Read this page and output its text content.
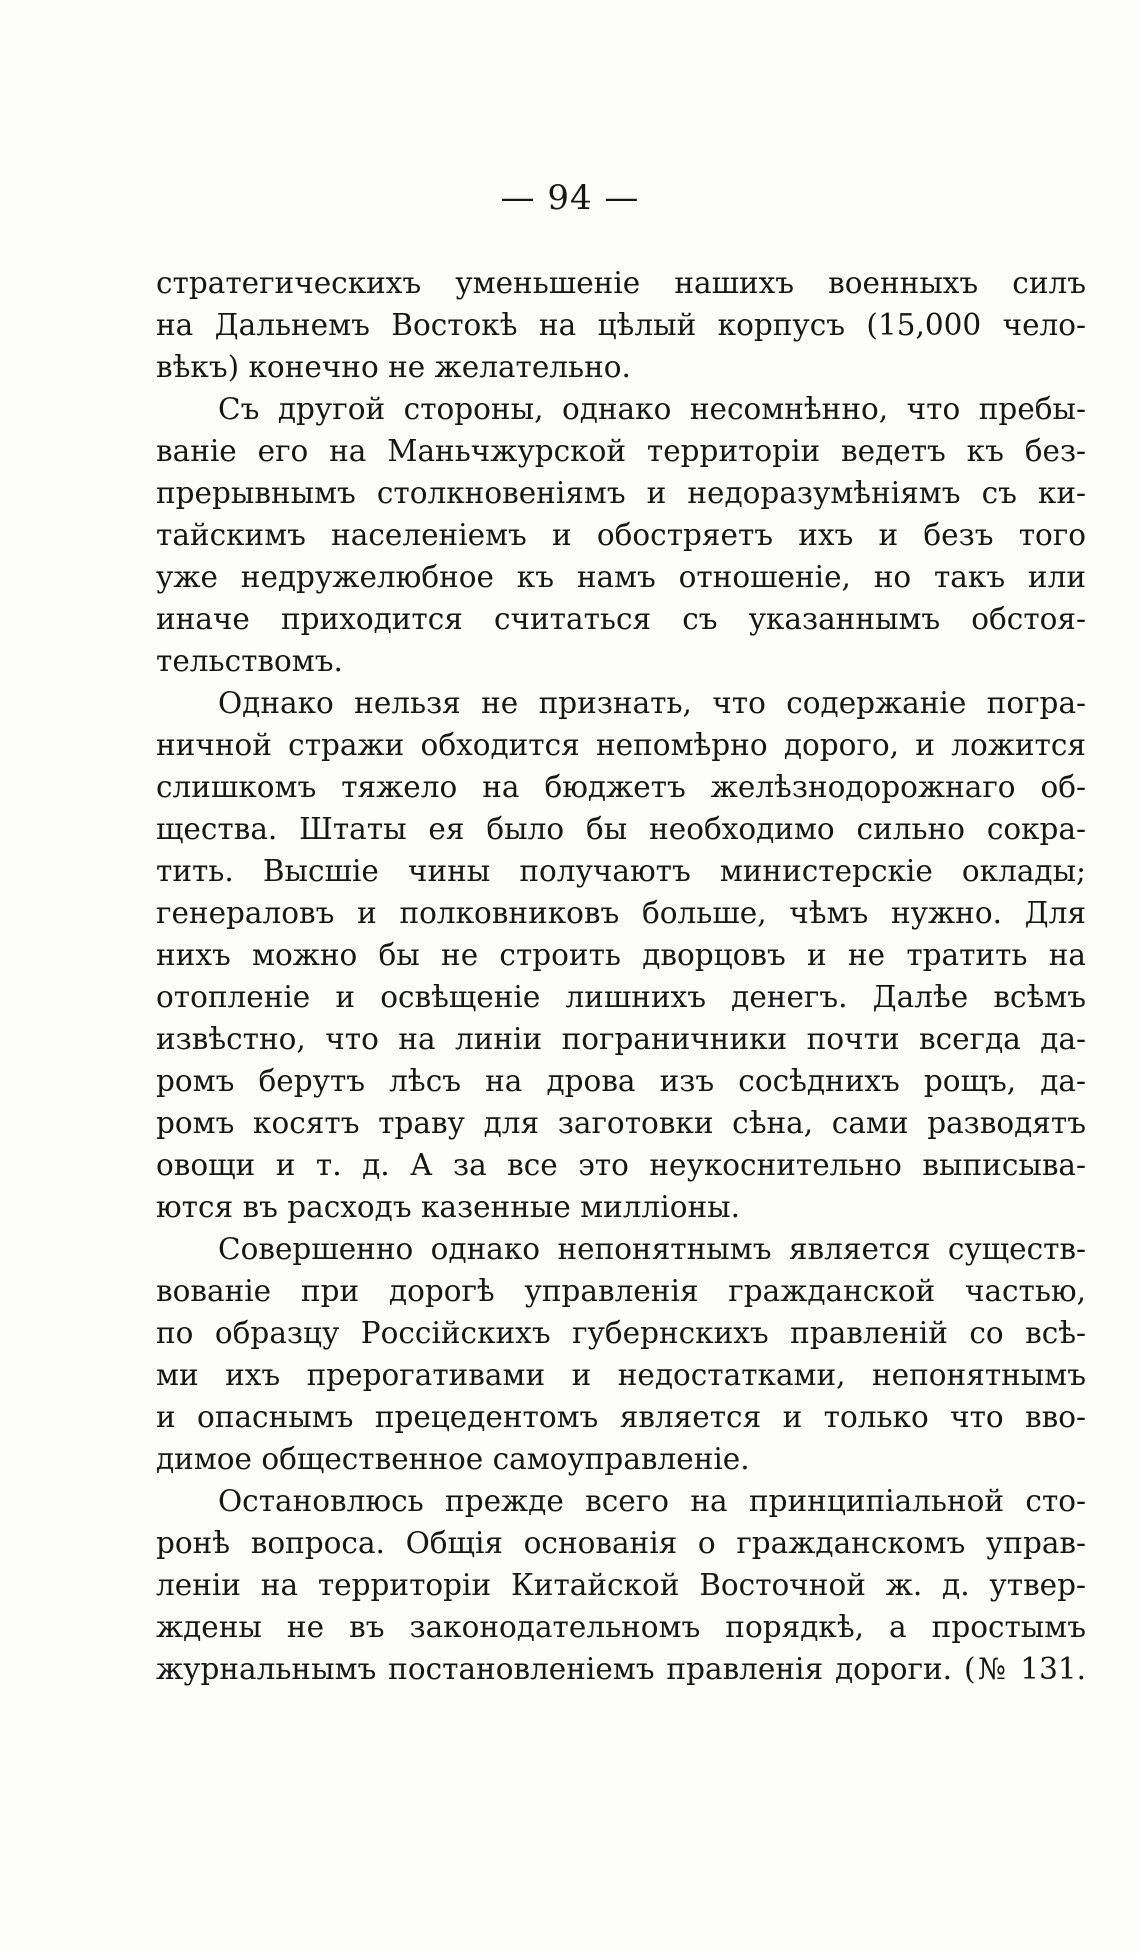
— 94 —
стратегическихъ уменьшеніе нашихъ военныхъ силъ
на Дальнемъ Востокѣ на цѣлый корпусъ (15,000 чело-
вѣкъ) конечно не желательно.
Съ другой стороны, однако несомнѣнно, что пребы-
ваніе его на Маньчжурской территоріи ведетъ къ без-
прерывнымъ столкновеніямъ и недоразумѣніямъ съ ки-
тайскимъ населеніемъ и обостряетъ ихъ и безъ того
уже недружелюбное къ намъ отношеніе, но такъ или
иначе приходится считаться съ указаннымъ обстоя-
тельствомъ.
Однако нельзя не признать, что содержаніе погра-
ничной стражи обходится непомѣрно дорого, и ложится
слишкомъ тяжело на бюджетъ желѣзнодорожнаго об-
щества. Штаты ея было бы необходимо сильно сокра-
тить. Высшіе чины получаютъ министерскіе оклады;
генераловъ и полковниковъ больше, чѣмъ нужно. Для
нихъ можно бы не строить дворцовъ и не тратить на
отопленіе и освѣщеніе лишнихъ денегъ. Далѣе всѣмъ
извѣстно, что на линіи пограничники почти всегда да-
ромъ берутъ лѣсъ на дрова изъ сосѣднихъ рощъ, да-
ромъ косятъ траву для заготовки сѣна, сами разводятъ
овощи и т. д. А за все это неукоснительно выписыва-
ются въ расходъ казенные милліоны.
Совершенно однако непонятнымъ является существ-
вованіе при дорогѣ управленія гражданской частью,
по образцу Россійскихъ губернскихъ правленій со всѣ-
ми ихъ прерогативами и недостатками, непонятнымъ
и опаснымъ прецедентомъ является и только что вво-
димое общественное самоуправленіе.
Остановлюсь прежде всего на принципіальной сто-
ронѣ вопроса. Общія основанія о гражданскомъ управ-
леніи на территоріи Китайской Восточной ж. д. утвер-
ждены не въ законодательномъ порядкѣ, а простымъ
журнальнымъ постановленіемъ правленія дороги. (№ 131.
